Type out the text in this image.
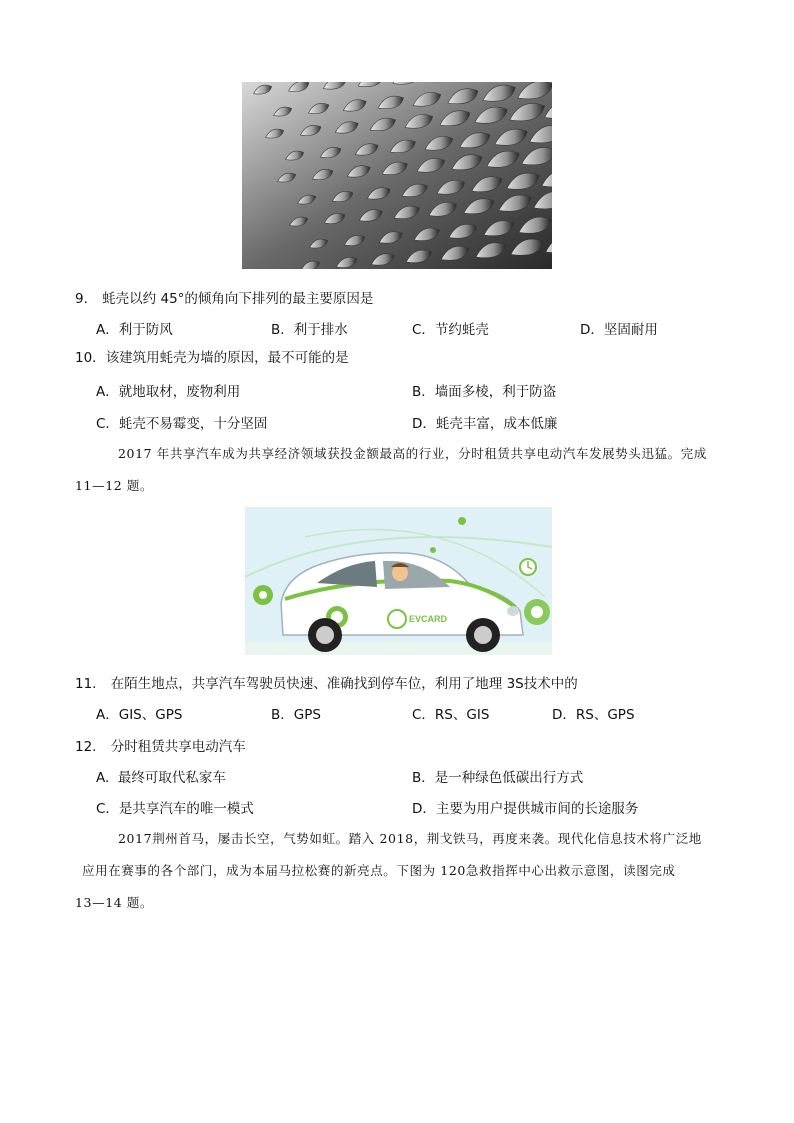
9. 蚝壳以约 45°的倾角向下排列的最主要原因是
A．利于防风	B．利于排水	C．节约蚝壳	D．坚固耐用
10．该建筑用蚝壳为墙的原因，最不可能的是
A．就地取材，废物利用	B．墙面多棱，利于防盗
C．蚝壳不易霉变，十分坚固	D．蚝壳丰富，成本低廉
2017 年共享汽车成为共享经济领域获投金额最高的行业，分时租赁共享电动汽车发展势头迅猛。完成
11—12 题。
EVCARD
11. 在陌生地点，共享汽车驾驶员快速、准确找到停车位，利用了地理 3S技术中的
A．GIS、GPS	B．GPS	C．RS、GIS	D．RS、GPS
12. 分时租赁共享电动汽车
A.  最终可取代私家车	B．是一种绿色低碳出行方式
C．是共享汽车的唯一模式	D．主要为用户提供城市间的长途服务
2017荆州首马，屡击长空，气势如虹。踏入 2018，荆戈铁马，再度来袭。现代化信息技术将广泛地
应用在赛事的各个部门，成为本届马拉松赛的新亮点。下图为 120急救指挥中心出救示意图，读图完成
13—14 题。
